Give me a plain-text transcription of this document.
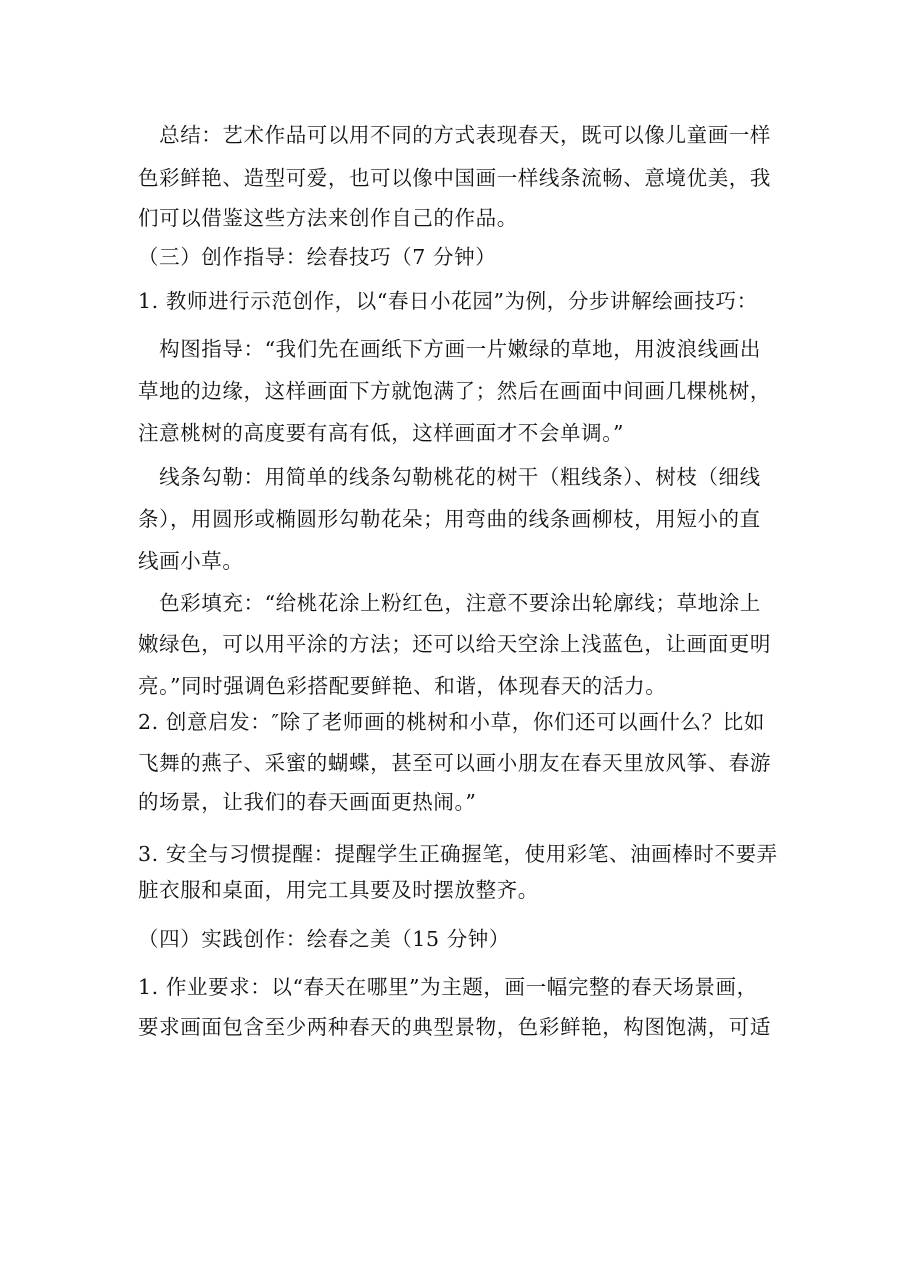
　总结：艺术作品可以用不同的方式表现春天，既可以像儿童画一样
色彩鲜艳、造型可爱，也可以像中国画一样线条流畅、意境优美，我
们可以借鉴这些方法来创作自己的作品。
（三）创作指导：绘春技巧（7 分钟）
1. 教师进行示范创作，以“春日小花园”为例，分步讲解绘画技巧：
　构图指导：“我们先在画纸下方画一片嫩绿的草地，用波浪线画出
草地的边缘，这样画面下方就饱满了；然后在画面中间画几棵桃树，
注意桃树的高度要有高有低，这样画面才不会单调。”
　线条勾勒：用简单的线条勾勒桃花的树干（粗线条）、树枝（细线
条），用圆形或椭圆形勾勒花朵；用弯曲的线条画柳枝，用短小的直
线画小草。
　色彩填充：“给桃花涂上粉红色，注意不要涂出轮廓线；草地涂上
嫩绿色，可以用平涂的方法；还可以给天空涂上浅蓝色，让画面更明
亮。”同时强调色彩搭配要鲜艳、和谐，体现春天的活力。
2. 创意启发：″除了老师画的桃树和小草，你们还可以画什么？比如
飞舞的燕子、采蜜的蝴蝶，甚至可以画小朋友在春天里放风筝、春游
的场景，让我们的春天画面更热闹。”
3. 安全与习惯提醒：提醒学生正确握笔，使用彩笔、油画棒时不要弄
脏衣服和桌面，用完工具要及时摆放整齐。
（四）实践创作：绘春之美（15 分钟）
1. 作业要求：以“春天在哪里”为主题，画一幅完整的春天场景画，
要求画面包含至少两种春天的典型景物，色彩鲜艳，构图饱满，可适
